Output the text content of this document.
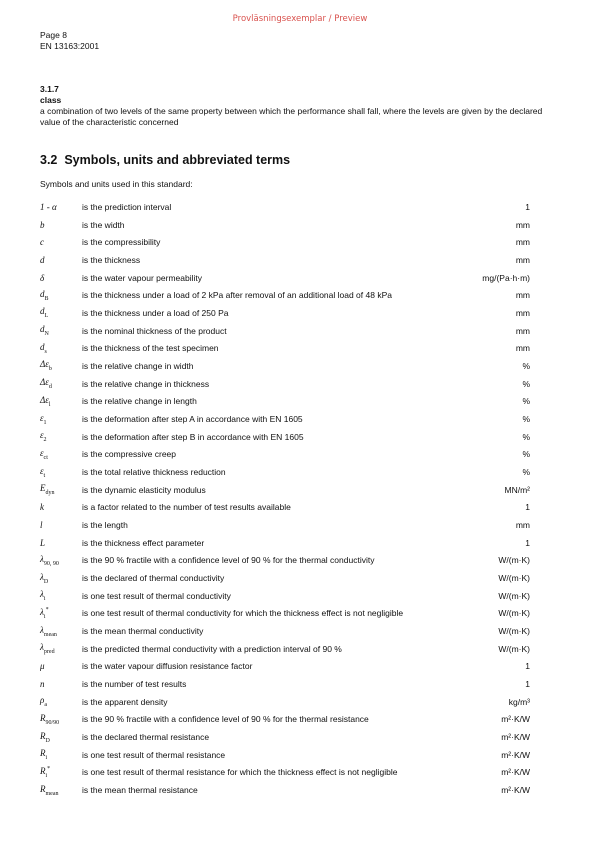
Provläsningsexemplar / Preview
Page 8
EN 13163:2001
3.1.7
class
a combination of two levels of the same property between which the performance shall fall, where the levels are given by the declared value of the characteristic concerned
3.2 Symbols, units and abbreviated terms
Symbols and units used in this standard:
1 - α	is the prediction interval	1
b	is the width	mm
c	is the compressibility	mm
d	is the thickness	mm
δ	is the water vapour permeability	mg/(Pa·h·m)
$d_B$	is the thickness under a load of 2 kPa after removal of an additional load of 48 kPa	mm
$d_L$	is the thickness under a load of 250 Pa	mm
$d_N$	is the nominal thickness of the product	mm
$d_s$	is the thickness of the test specimen	mm
$\Delta\varepsilon_b$	is the relative change in width	%
$\Delta\varepsilon_d$	is the relative change in thickness	%
$\Delta\varepsilon_l$	is the relative change in length	%
$\varepsilon_1$	is the deformation after step A in accordance with EN 1605	%
$\varepsilon_2$	is the deformation after step B in accordance with EN 1605	%
$\varepsilon_{ct}$	is the compressive creep	%
$\varepsilon_t$	is the total relative thickness reduction	%
$E_{dyn}$	is the dynamic elasticity modulus	MN/m²
k	is a factor related to the number of test results available	1
l	is the length	mm
L	is the thickness effect parameter	1
$\lambda_{90, 90}$	is the 90 % fractile with a confidence level of 90 % for the thermal conductivity	W/(m·K)
$\lambda_D$	is the declared of thermal conductivity	W/(m·K)
$\lambda_i$	is one test result of thermal conductivity	W/(m·K)
$\lambda_i^*$	is one test result of thermal conductivity for which the thickness effect is not negligible	W/(m·K)
$\lambda_{mean}$	is the mean thermal conductivity	W/(m·K)
$\lambda_{pred}$	is the predicted thermal conductivity with a prediction interval of 90 %	W/(m·K)
μ	is the water vapour diffusion resistance factor	1
n	is the number of test results	1
$\rho_a$	is the apparent density	kg/m³
$R_{90/90}$	is the 90 % fractile with a confidence level of 90 % for the thermal resistance	m²·K/W
$R_D$	is the declared thermal resistance	m²·K/W
$R_i$	is one test result of thermal resistance	m²·K/W
$R_i^*$	is one test result of thermal resistance for which the thickness effect is not negligible	m²·K/W
$R_{mean}$	is the mean thermal resistance	m²·K/W
